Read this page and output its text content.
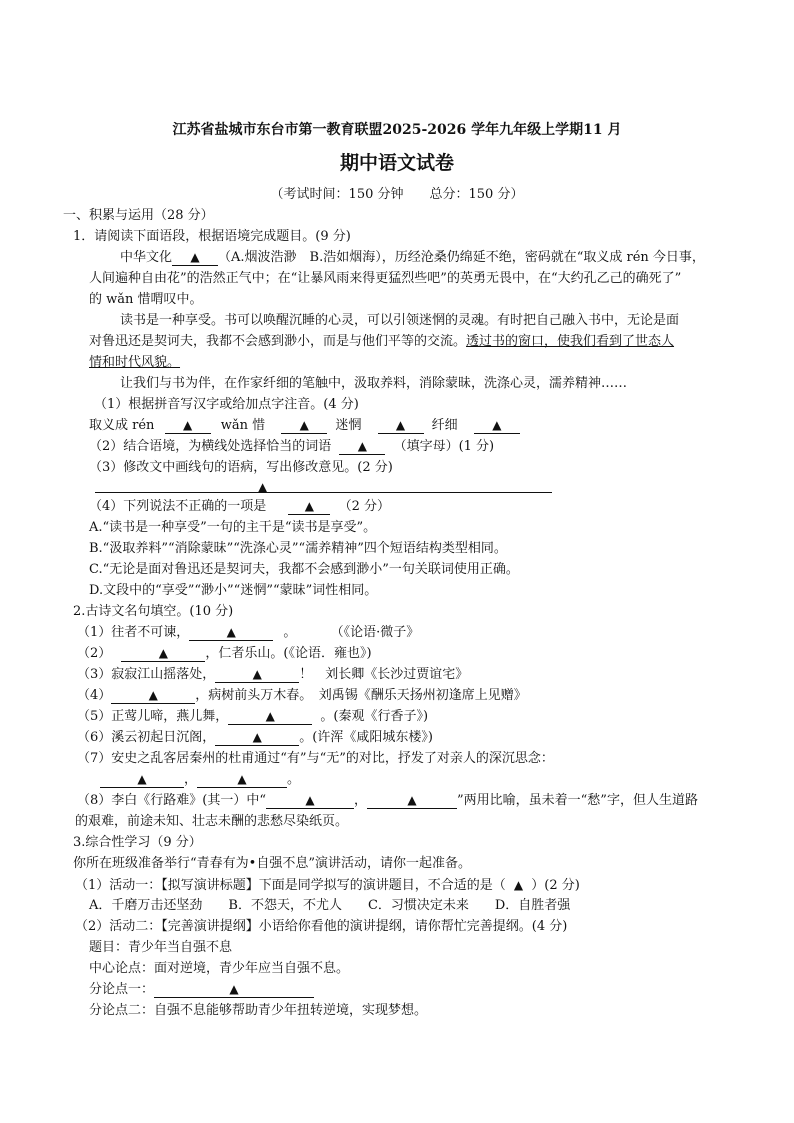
江苏省盐城市东台市第一教育联盟2025-2026 学年九年级上学期11 月
期中语文试卷
（考试时间：150 分钟　　总分：150 分）
一、积累与运用（28 分）
1．请阅读下面语段，根据语境完成题目。(9 分)
中华文化 ▲ （A.烟波浩渺　B.浩如烟海），历经沧桑仍绵延不绝，密码就在“取义成 rén 今日事，
人间遍种自由花”的浩然正气中；在“让暴风雨来得更猛烈些吧”的英勇无畏中，在“大约孔乙己的确死了”
的 wǎn 惜喟叹中。
读书是一种享受。书可以唤醒沉睡的心灵，可以引领迷惘的灵魂。有时把自己融入书中，无论是面
对鲁迅还是契诃夫，我都不会感到渺小，而是与他们平等的交流。透过书的窗口，使我们看到了世态人
情和时代风貌。
让我们与书为伴，在作家纤细的笔触中，汲取养料，消除蒙昧，洗涤心灵，濡养精神……
（1）根据拼音写汉字或给加点字注音。(4 分)
取义成 rén ▲ wǎn 惜	▲ 迷惘	▲ 纤细	▲
（2）结合语境，为横线处选择恰当的词语 ▲ （填字母）(1 分)
（3）修改文中画线句的语病，写出修改意见。(2 分)
▲
（4）下列说法不正确的一项是	▲ （2 分）
A.“读书是一种享受”一句的主干是“读书是享受”。
B.“汲取养料”“消除蒙昧”“洗涤心灵”“濡养精神”四个短语结构类型相同。
C.“无论是面对鲁迅还是契诃夫，我都不会感到渺小”一句关联词使用正确。
D.文段中的“享受”“渺小”“迷惘”“蒙昧”词性相同。
2.古诗文名句填空。(10 分)
（1）往者不可谏，	▲	。	（《论语·微子》
（2）	▲	，仁者乐山。(《论语．雍也》)
（3）寂寂江山摇落处，	▲	！　刘长卿《长沙过贾谊宅》
（4）	▲	，病树前头万木春。　刘禹锡《酬乐天扬州初逢席上见赠》
（5）正莺儿啼，燕儿舞，	▲	。(秦观《行香子》)
（6）溪云初起日沉阁，	▲	。(许浑《咸阳城东楼》)
（7）安史之乱客居秦州的杜甫通过“有”与“无”的对比，抒发了对亲人的深沉思念：
▲	，	▲	。
（8）李白《行路难》(其一）中“	▲	，	▲	”两用比喻，虽未着一“愁”字，但人生道路
的艰难，前途未知、壮志未酬的悲愁尽染纸页。
3.综合性学习（9 分）
你所在班级准备举行“青春有为•自强不息”演讲活动，请你一起准备。
（1）活动一：【拟写演讲标题】下面是同学拟写的演讲题目，不合适的是（ ▲ ）(2 分)
A．千磨万击还坚劲　　B．不怨天，不尤人　　C．习惯决定未来　　D．自胜者强
（2）活动二：【完善演讲提纲】小语给你看他的演讲提纲，请你帮忙完善提纲。(4 分)
题目：青少年当自强不息
中心论点：面对逆境，青少年应当自强不息。
分论点一：	▲
分论点二：自强不息能够帮助青少年扭转逆境，实现梦想。
